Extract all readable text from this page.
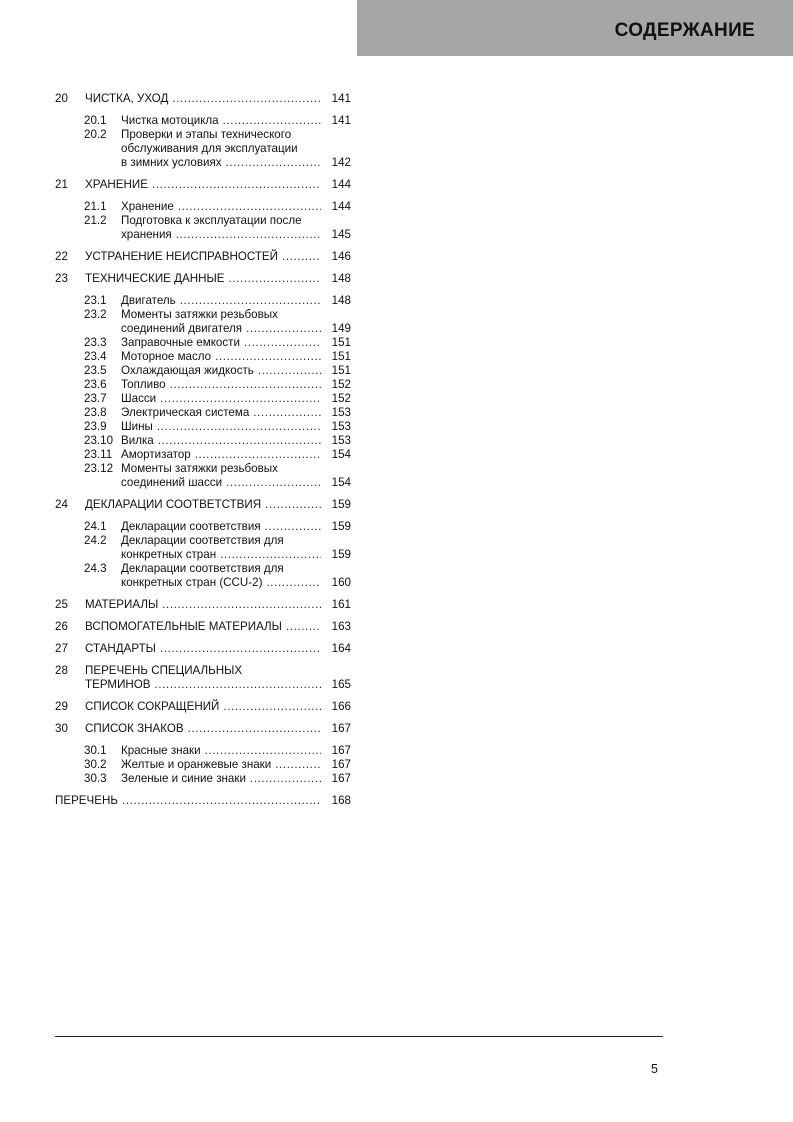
СОДЕРЖАНИЕ
20 ЧИСТКА, УХОД .....	141
20.1 Чистка мотоцикла .....	141
20.2 Проверки и этапы технического
обслуживания для эксплуатации
в зимних условиях .....	142
21 ХРАНЕНИЕ .....	144
21.1 Хранение .....	144
21.2 Подготовка к эксплуатации после
хранения .....	145
22 УСТРАНЕНИЕ НЕИСПРАВНОСТЕЙ .....	146
23 ТЕХНИЧЕСКИЕ ДАННЫЕ .....	148
23.1 Двигатель .....	148
23.2 Моменты затяжки резьбовых
соединений двигателя .....	149
23.3 Заправочные емкости .....	151
23.4 Моторное масло .....	151
23.5 Охлаждающая жидкость .....	151
23.6 Топливо .....	152
23.7 Шасси .....	152
23.8 Электрическая система .....	153
23.9 Шины .....	153
23.10 Вилка .....	153
23.11 Амортизатор .....	154
23.12 Моменты затяжки резьбовых
соединений шасси .....	154
24 ДЕКЛАРАЦИИ СООТВЕТСТВИЯ .....	159
24.1 Декларации соответствия .....	159
24.2 Декларации соответствия для
конкретных стран .....	159
24.3 Декларации соответствия для
конкретных стран (CCU-2) .....	160
25 МАТЕРИАЛЫ .....	161
26 ВСПОМОГАТЕЛЬНЫЕ МАТЕРИАЛЫ .....	163
27 СТАНДАРТЫ .....	164
28 ПЕРЕЧЕНЬ СПЕЦИАЛЬНЫХ
ТЕРМИНОВ .....	165
29 СПИСОК СОКРАЩЕНИЙ .....	166
30 СПИСОК ЗНАКОВ .....	167
30.1 Красные знаки .....	167
30.2 Желтые и оранжевые знаки .....	167
30.3 Зеленые и синие знаки .....	167
ПЕРЕЧЕНЬ .....	168
5
